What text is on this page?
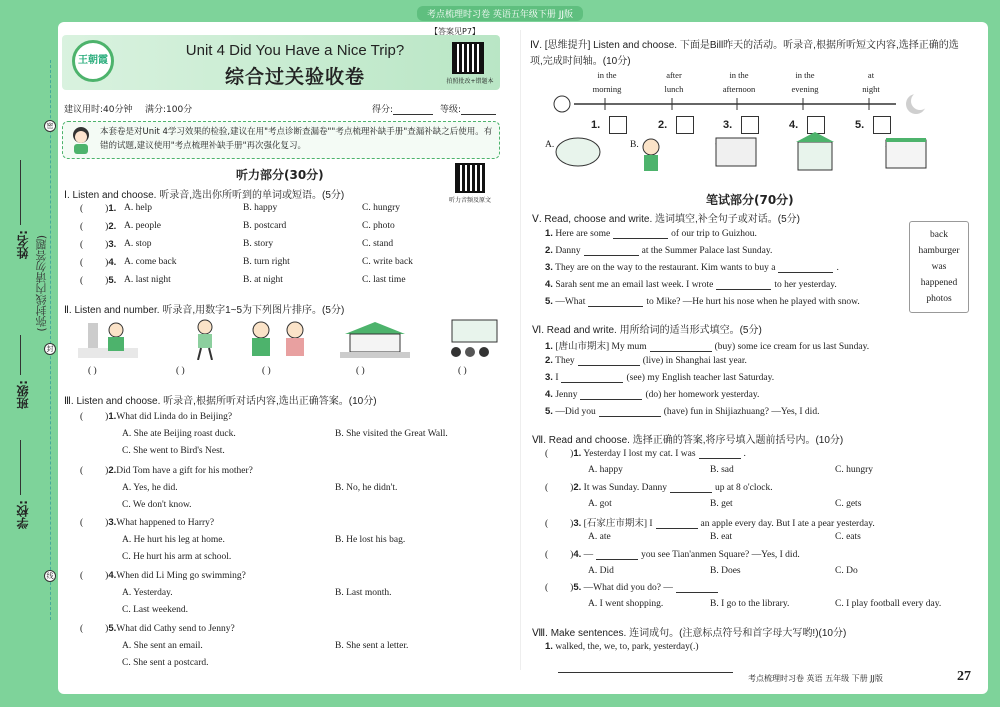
考点梳理时习卷 英语五年级下册 JJ版
学校:
班级:
姓名: (弥封线内请勿答题)
密
封
线
王朝霞
【答案见P7】
Unit 4 Did You Have a Nice Trip?
综合过关验收卷	拍照批改+错题本
建议用时:40分钟 满分:100分	得分:	等级:
本套卷是对Unit 4学习效果的检验,建议在用"考点诊断查漏卷""考点梳理补缺手册"查漏补缺之后使用。有错的试题,建议使用"考点梳理补缺手册"再次强化复习。
听力部分(30分)
听力音频及原文
Ⅰ. Listen and choose. 听录音,选出你所听到的单词或短语。(5分)
Ⅱ. Listen and number. 听录音,用数字1~5为下列图片排序。(5分)
( )	( )	( )	( )	( )
Ⅲ. Listen and choose. 听录音,根据所听对话内容,选出正确答案。(10分)
Ⅳ. [思维提升] Listen and choose. 下面是Bill昨天的活动。听录音,根据所听短文内容,选择正确的选项,完成时间轴。(10分)
笔试部分(70分)
Ⅴ. Read, choose and write. 选词填空,补全句子或对话。(5分)
back
hamburger
was
happened
photos
Ⅵ. Read and write. 用所给词的适当形式填空。(5分)
Ⅶ. Read and choose. 选择正确的答案,将序号填入题前括号内。(10分)
Ⅷ. Make sentences. 连词成句。(注意标点符号和首字母大写哟!)(10分)
1. walked, the, we, to, park, yesterday(.)
考点梳理时习卷 英语 五年级 下册 JJ版	27
( )1. A. help	B. happy	C. hungry
( )2. A. people	B. postcard	C. photo
( )3. A. stop	B. story	C. stand
( )4. A. come back	B. turn right	C. write back
( )5. A. last night	B. at night	C. last time
( )1.What did Linda do in Beijing?
A. She ate Beijing roast duck.	B. She visited the Great Wall.
C. She went to Bird's Nest.
( )2.Did Tom have a gift for his mother?
A. Yes, he did.	B. No, he didn't.
C. We don't know.
( )3.What happened to Harry?
A. He hurt his leg at home.	B. He lost his bag.
C. He hurt his arm at school.
( )4.When did Li Ming go swimming?
A. Yesterday.	B. Last month.
C. Last weekend.
( )5.What did Cathy send to Jenny?
A. She sent an email.	B. She sent a letter.
C. She sent a postcard.
in the
morning
1.
A.
after
lunch
2.
B.
in the
afternoon
3.
in the
evening
4.
at
night
5.
1. Here are some	of our trip to Guizhou.
2. Danny	at the Summer Palace last Sunday.
3. They are on the way to the restaurant. Kim wants to buy a	.
4. Sarah sent me an email last week. I wrote	to her yesterday.
5. —What	to Mike? —He hurt his nose when he played with snow.
1. [唐山市期末] My mum	(buy) some ice cream for us last Sunday.
2. They	(live) in Shanghai last year.
3. I	(see) my English teacher last Saturday.
4. Jenny	(do) her homework yesterday.
5. —Did you	(have) fun in Shijiazhuang? —Yes, I did.
( )1. Yesterday I lost my cat. I was	.
A. happy	B. sad	C. hungry
( )2. It was Sunday. Danny	up at 8 o'clock.
A. got	B. get	C. gets
( )3. [石家庄市期末] I	an apple every day. But I ate a pear yesterday.
A. ate	B. eat	C. eats
( )4. —	you see Tian'anmen Square? —Yes, I did.
A. Did	B. Does	C. Do
( )5. —What did you do? —
A. I went shopping.	B. I go to the library.	C. I play football every day.
